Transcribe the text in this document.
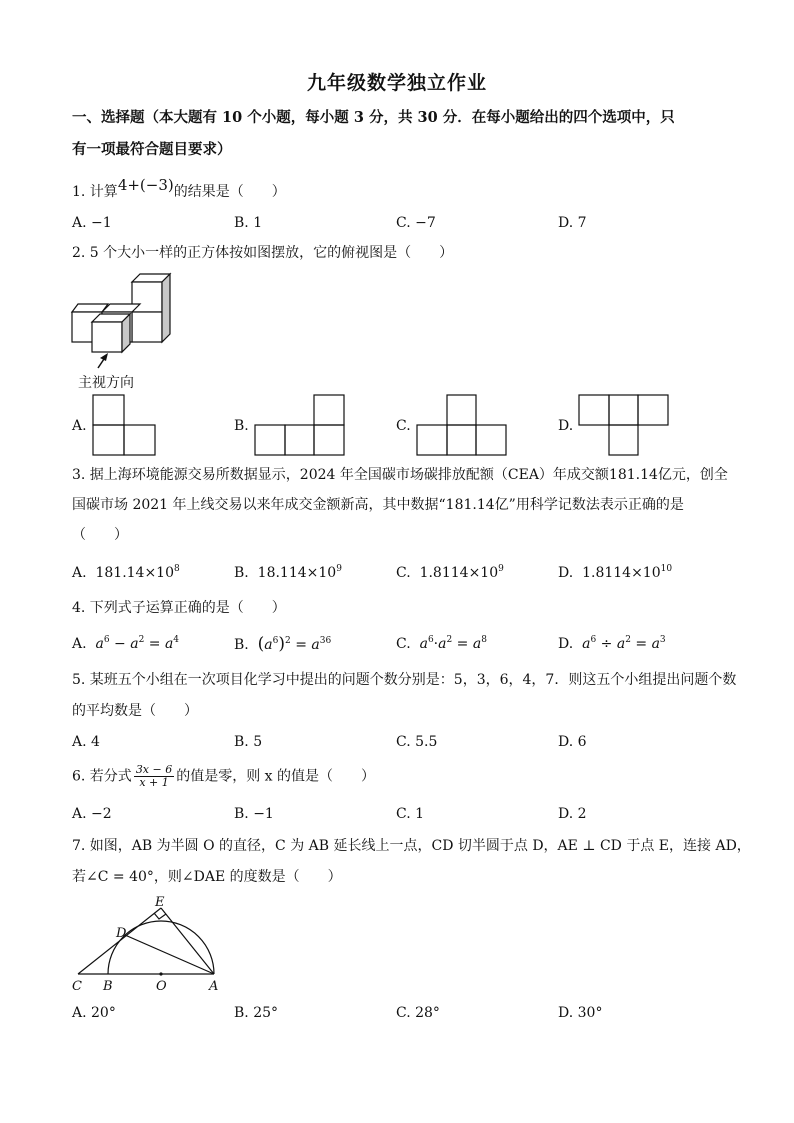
九年级数学独立作业
一、选择题（本大题有 10 个小题，每小题 3 分，共 30 分．在每小题给出的四个选项中，只
有一项最符合题目要求）
1. 计算4+(−3)的结果是（　　）
A. −1	B. 1	C. −7	D. 7
2. 5 个大小一样的正方体按如图摆放，它的俯视图是（　　）
主视方向
A.	B.	C.	D.
3. 据上海环境能源交易所数据显示，2024 年全国碳市场碳排放配额（CEA）年成交额181.14亿元，创全
国碳市场 2021 年上线交易以来年成交金额新高，其中数据“181.14亿”用科学记数法表示正确的是
（　　）
A. $181.14\times 10^8$	B. $18.114\times 10^9$	C. $1.8114\times 10^9$	D. $1.8114\times 10^{10}$
4. 下列式子运算正确的是（　　）
A. $a^6 - a^2 = a^4$	B. $(a^6)^2 = a^{36}$	C. $a^6\cdot a^2 = a^8$	D. $a^6 \div a^2 = a^3$
5. 某班五个小组在一次项目化学习中提出的问题个数分别是：5，3，6，4，7．则这五个小组提出问题个数
的平均数是（　　）
A. 4	B. 5	C. 5.5	D. 6
6. 若分式 $\frac{3x - 6}{x + 1}$ 的值是零，则 x 的值是（　　）
A. −2	B. −1	C. 1	D. 2
7. 如图，AB 为半圆 O 的直径，C 为 AB 延长线上一点，CD 切半圆于点 D，AE ⊥ CD 于点 E，连接 AD，
若∠C = 40°，则∠DAE 的度数是（　　）
E
D
C B	O	A
A. 20°	B. 25°	C. 28°	D. 30°
